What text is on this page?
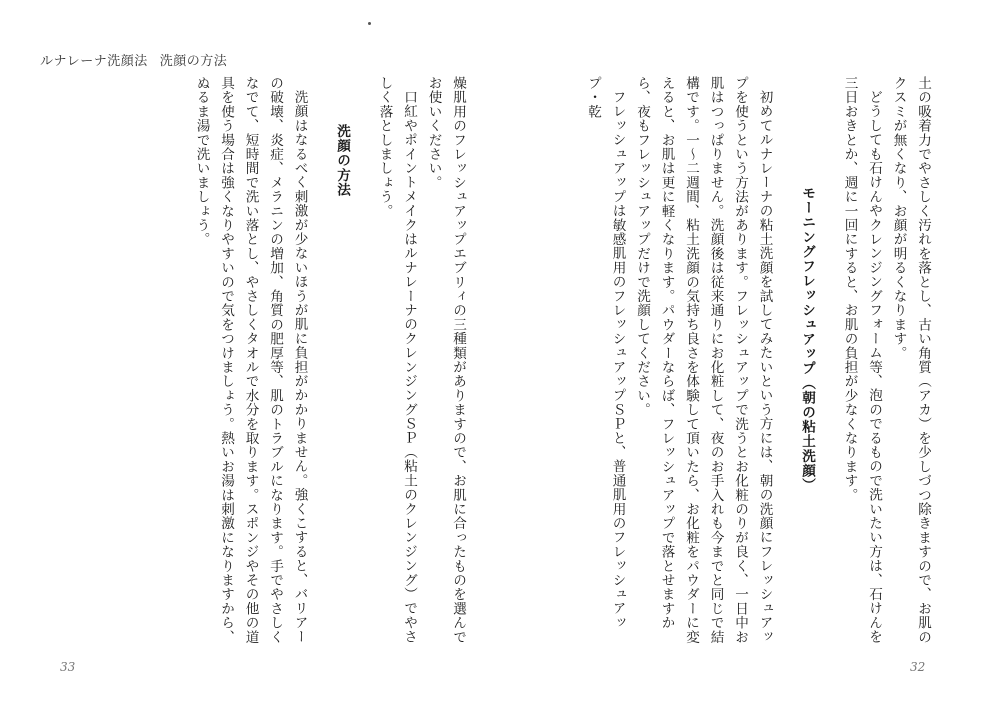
ルナレーナ洗顔法 洗顔の方法

土の吸着力でやさしく汚れを落とし、古い角質（アカ）を少しづつ除きますので、お肌のクスミが無くなり、お顔が明るくなります。

どうしても石けんやクレンジングフォーム等、泡のでるもので洗いたい方は、石けんを三日おきとか、週に一回にすると、お肌の負担が少なくなります。

モーニングフレッシュアップ（朝の粘土洗顔）

初めてルナレーナの粘土洗顔を試してみたいという方には、朝の洗顔にフレッシュアップを使うという方法があります。フレッシュアップで洗うとお化粧のりが良く、一日中お肌はつっぱりません。洗顔後は従来通りにお化粧して、夜のお手入れも今までと同じで結構です。一〜二週間、粘土洗顔の気持ち良さを体験して頂いたら、お化粧をパウダーに変えると、お肌は更に軽くなります。パウダーならば、フレッシュアップで落とせますから、夜もフレッシュアップだけで洗顔してください。

フレッシュアップは敏感肌用のフレッシュアップＳＰと、普通肌用のフレッシュアップ・乾

燥肌用のフレッシュアップエブリィの三種類がありますので、お肌に合ったものを選んでお使いください。

口紅やポイントメイクはルナレーナのクレンジングＳＰ（粘土のクレンジング）でやさしく落としましょう。

洗顔の方法

洗顔はなるべく刺激が少ないほうが肌に負担がかかりません。強くこすると、バリアーの破壊、炎症、メラニンの増加、角質の肥厚等、肌のトラブルになります。手でやさしくなでて、短時間で洗い落とし、やさしくタオルで水分を取ります。スポンジやその他の道具を使う場合は強くなりやすいので気をつけましょう。熱いお湯は刺激になりますから、ぬるま湯で洗いましょう。

33	32
